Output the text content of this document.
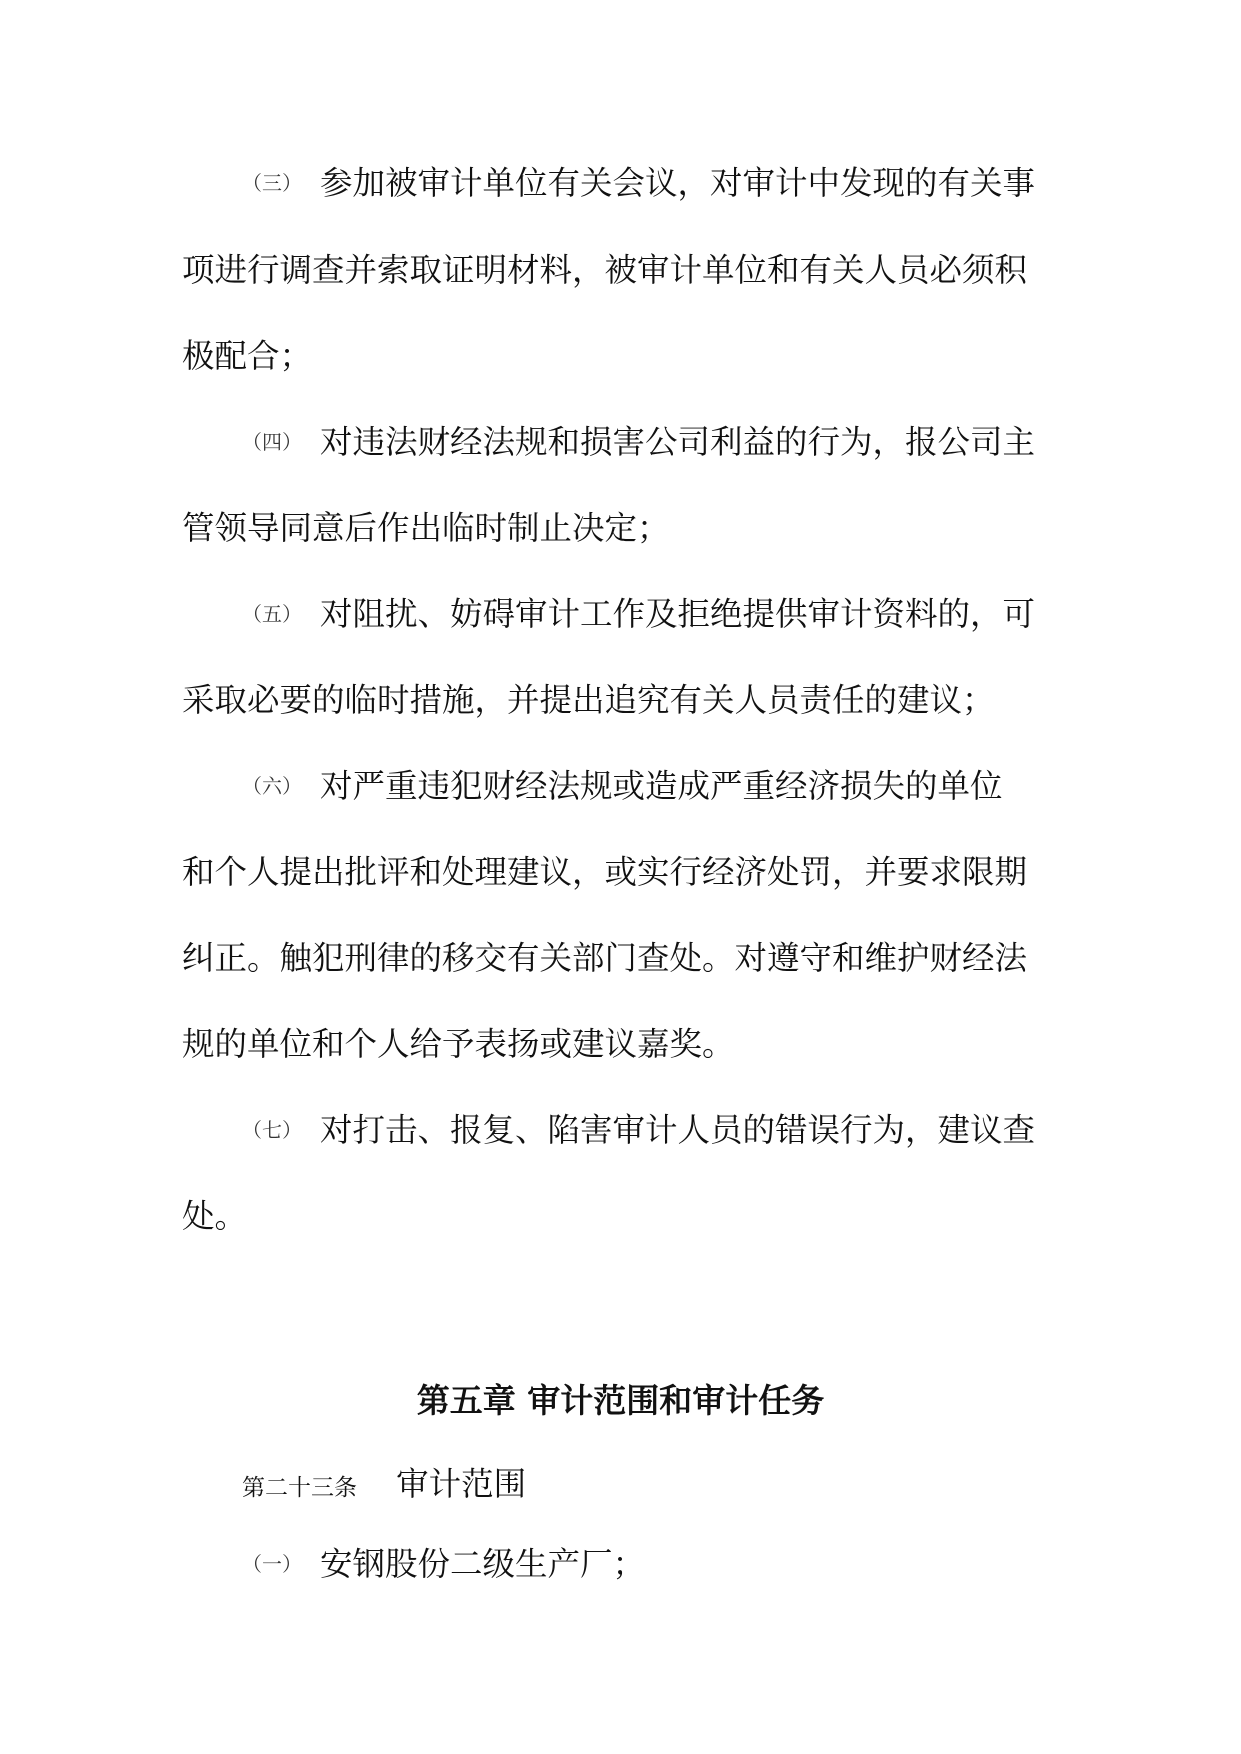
（三） 参加被审计单位有关会议，对审计中发现的有关事
项进行调查并索取证明材料，被审计单位和有关人员必须积
极配合；
（四） 对违法财经法规和损害公司利益的行为，报公司主
管领导同意后作出临时制止决定；
（五） 对阻扰、妨碍审计工作及拒绝提供审计资料的，可
采取必要的临时措施，并提出追究有关人员责任的建议；
（六） 对严重违犯财经法规或造成严重经济损失的单位
和个人提出批评和处理建议，或实行经济处罚，并要求限期
纠正。触犯刑律的移交有关部门查处。对遵守和维护财经法
规的单位和个人给予表扬或建议嘉奖。
（七） 对打击、报复、陷害审计人员的错误行为，建议查
处。
第五章 审计范围和审计任务
第二十三条 审计范围
（一） 安钢股份二级生产厂；
